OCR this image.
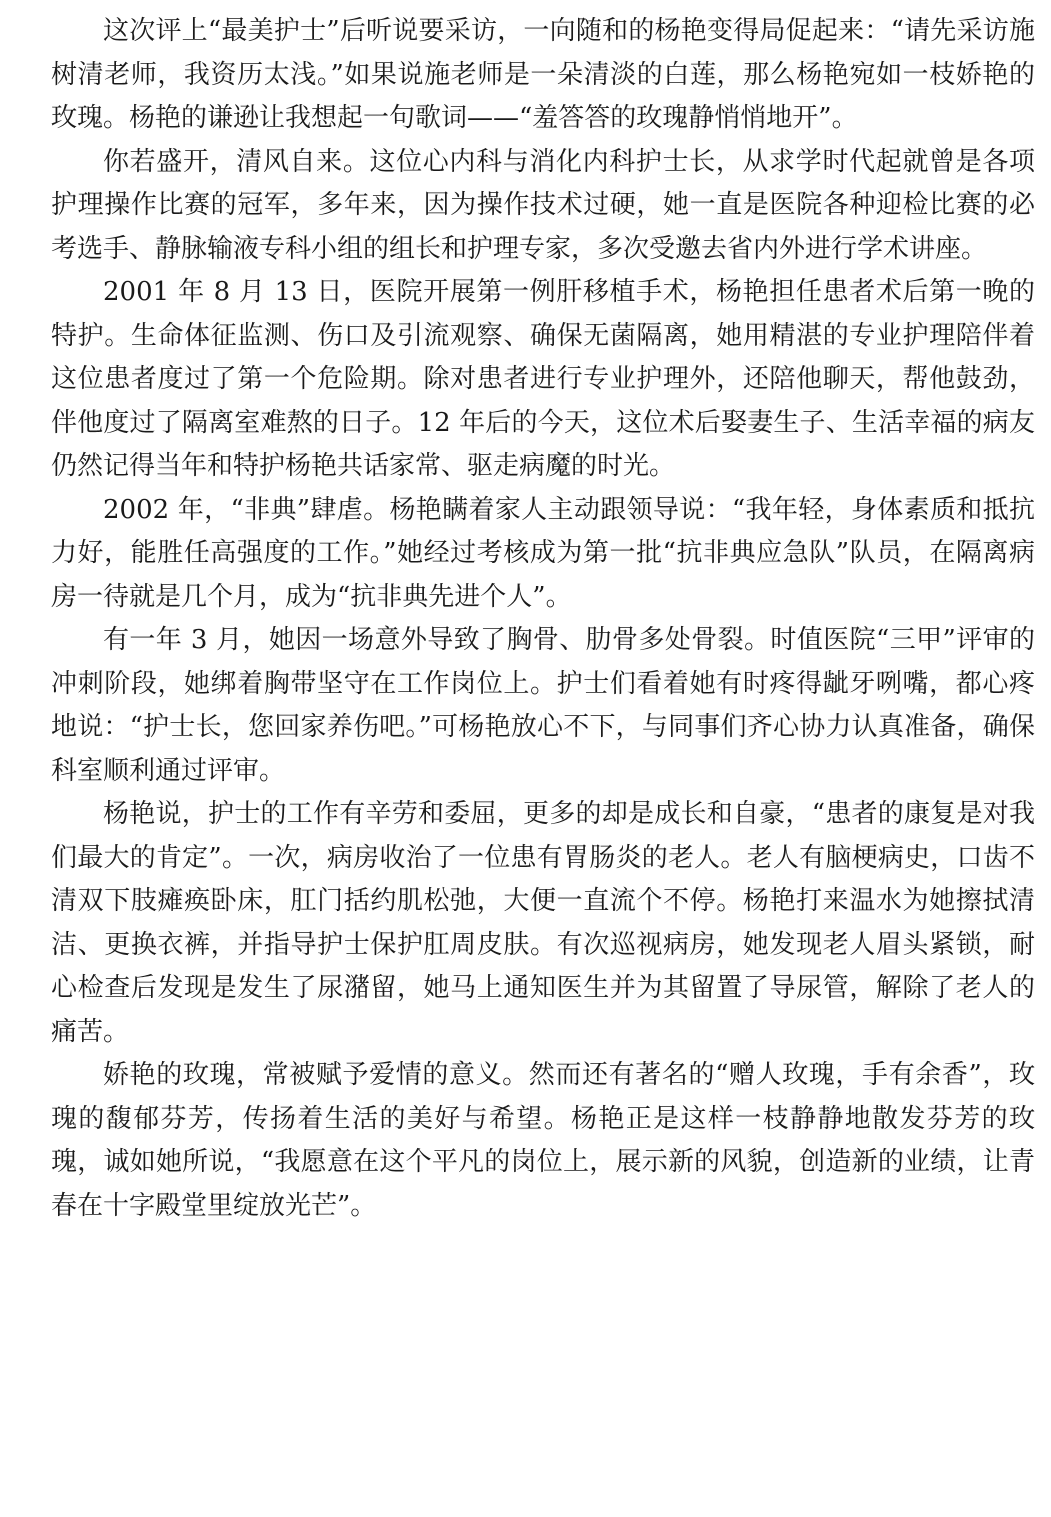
这次评上“最美护士”后听说要采访，一向随和的杨艳变得局促起来：“请先采访施树清老师，我资历太浅。”如果说施老师是一朵清淡的白莲，那么杨艳宛如一枝娇艳的玫瑰。杨艳的谦逊让我想起一句歌词——“羞答答的玫瑰静悄悄地开”。

你若盛开，清风自来。这位心内科与消化内科护士长，从求学时代起就曾是各项护理操作比赛的冠军，多年来，因为操作技术过硬，她一直是医院各种迎检比赛的必考选手、静脉输液专科小组的组长和护理专家，多次受邀去省内外进行学术讲座。

2001 年 8 月 13 日，医院开展第一例肝移植手术，杨艳担任患者术后第一晚的特护。生命体征监测、伤口及引流观察、确保无菌隔离，她用精湛的专业护理陪伴着这位患者度过了第一个危险期。除对患者进行专业护理外，还陪他聊天，帮他鼓劲，伴他度过了隔离室难熬的日子。12 年后的今天，这位术后娶妻生子、生活幸福的病友仍然记得当年和特护杨艳共话家常、驱走病魔的时光。

2002 年，“非典”肆虐。杨艳瞒着家人主动跟领导说：“我年轻，身体素质和抵抗力好，能胜任高强度的工作。”她经过考核成为第一批“抗非典应急队”队员，在隔离病房一待就是几个月，成为“抗非典先进个人”。

有一年 3 月，她因一场意外导致了胸骨、肋骨多处骨裂。时值医院“三甲”评审的冲刺阶段，她绑着胸带坚守在工作岗位上。护士们看着她有时疼得龇牙咧嘴，都心疼地说：“护士长，您回家养伤吧。”可杨艳放心不下，与同事们齐心协力认真准备，确保科室顺利通过评审。

杨艳说，护士的工作有辛劳和委屈，更多的却是成长和自豪，“患者的康复是对我们最大的肯定”。一次，病房收治了一位患有胃肠炎的老人。老人有脑梗病史，口齿不清双下肢瘫痪卧床，肛门括约肌松弛，大便一直流个不停。杨艳打来温水为她擦拭清洁、更换衣裤，并指导护士保护肛周皮肤。有次巡视病房，她发现老人眉头紧锁，耐心检查后发现是发生了尿潴留，她马上通知医生并为其留置了导尿管，解除了老人的痛苦。

娇艳的玫瑰，常被赋予爱情的意义。然而还有著名的“赠人玫瑰，手有余香”，玫瑰的馥郁芬芳，传扬着生活的美好与希望。杨艳正是这样一枝静静地散发芬芳的玫瑰，诚如她所说，“我愿意在这个平凡的岗位上，展示新的风貌，创造新的业绩，让青春在十字殿堂里绽放光芒”。
